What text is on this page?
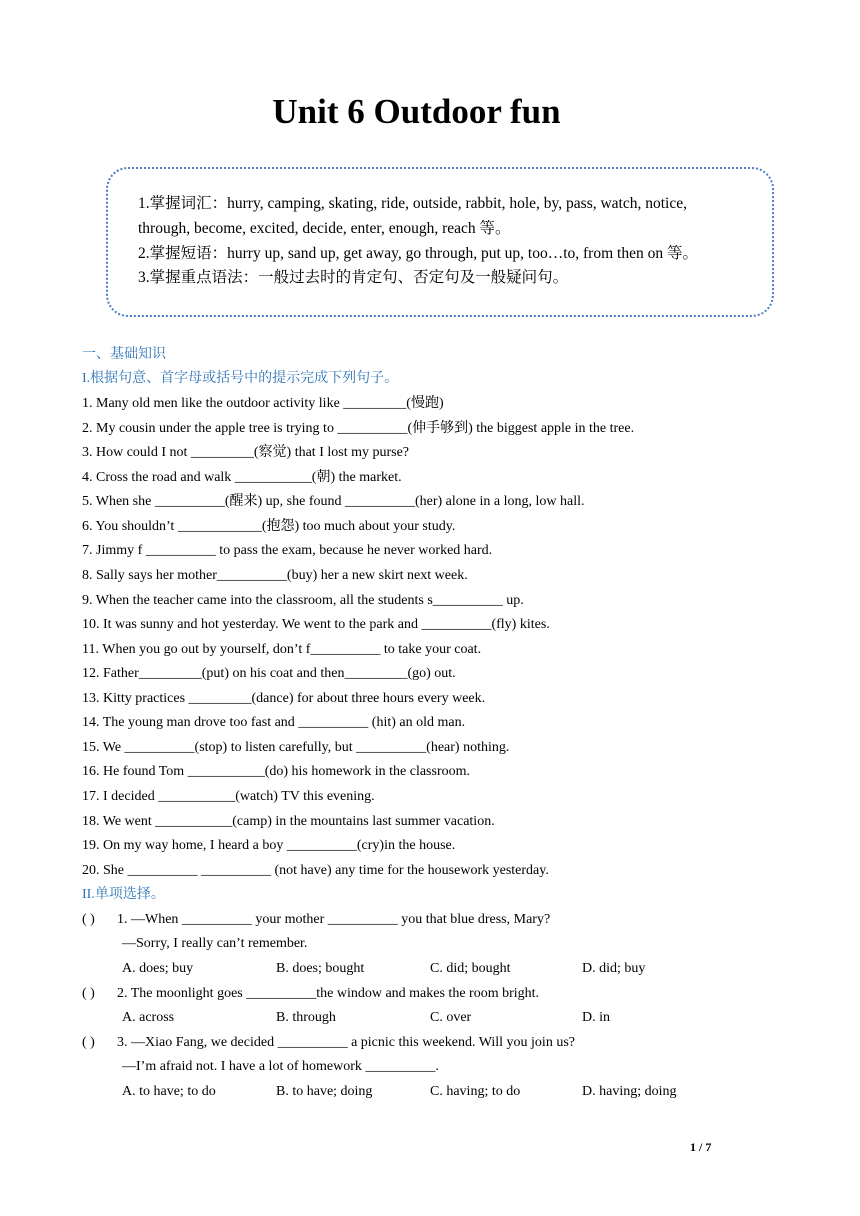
Unit 6 Outdoor fun
1.掌握词汇：hurry, camping, skating, ride, outside, rabbit, hole, by, pass, watch, notice,
through, become, excited, decide, enter, enough, reach 等。
2.掌握短语：hurry up, sand up, get away, go through, put up, too…to, from then on 等。
3.掌握重点语法：一般过去时的肯定句、否定句及一般疑问句。
一、基础知识
I.根据句意、首字母或括号中的提示完成下列句子。
1. Many old men like the outdoor activity like _________(慢跑)
2. My cousin under the apple tree is trying to __________(伸手够到) the biggest apple in the tree.
3. How could I not _________(察觉) that I lost my purse?
4. Cross the road and walk ___________(朝) the market.
5. When she __________(醒来) up, she found __________(her) alone in a long, low hall.
6. You shouldn’t ____________(抱怨) too much about your study.
7. Jimmy f __________ to pass the exam, because he never worked hard.
8. Sally says her mother__________(buy) her a new skirt next week.
9. When the teacher came into the classroom, all the students s__________ up.
10. It was sunny and hot yesterday. We went to the park and __________(fly) kites.
11. When you go out by yourself, don’t f__________ to take your coat.
12. Father_________(put) on his coat and then_________(go) out.
13. Kitty practices _________(dance) for about three hours every week.
14. The young man drove too fast and __________ (hit) an old man.
15. We __________(stop) to listen carefully, but __________(hear) nothing.
16. He found Tom ___________(do) his homework in the classroom.
17. I decided ___________(watch) TV this evening.
18. We went ___________(camp) in the mountains last summer vacation.
19. On my way home, I heard a boy __________(cry)in the house.
20. She __________ __________ (not have) any time for the housework yesterday.
II.单项选择。
( ) 1. —When __________ your mother __________ you that blue dress, Mary?
—Sorry, I really can’t remember.
A. does; buy	B. does; bought	C. did; bought	D. did; buy
( ) 2. The moonlight goes __________the window and makes the room bright.
A. across	B. through	C. over	D. in
( ) 3. —Xiao Fang, we decided __________ a picnic this weekend. Will you join us?
—I’m afraid not. I have a lot of homework __________.
A. to have; to do	B. to have; doing	C. having; to do	D. having; doing
1 / 7
